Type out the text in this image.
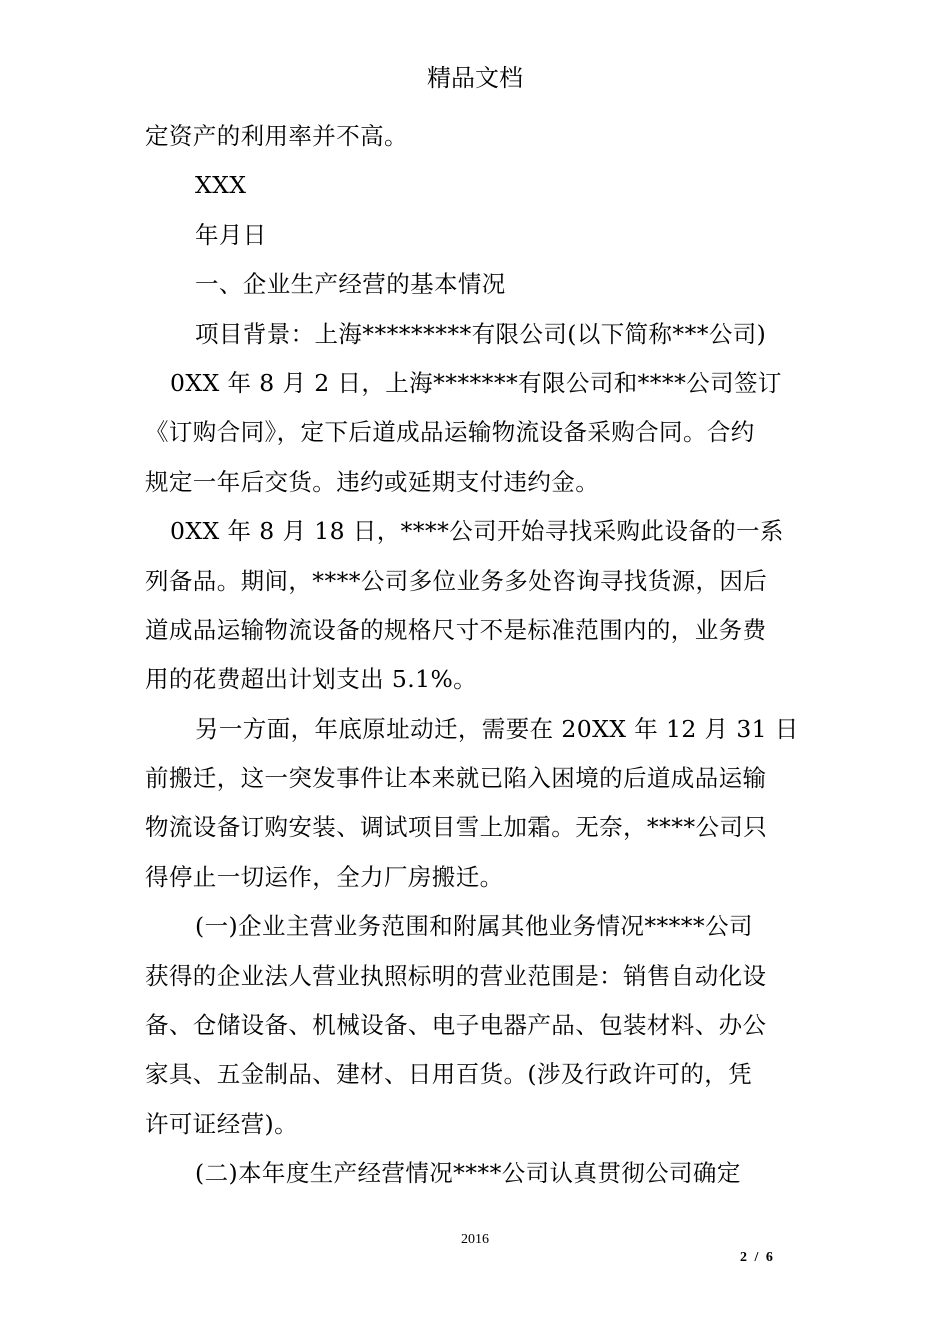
精品文档
定资产的利用率并不高。
XXX
年月日
一、企业生产经营的基本情况
项目背景：上海*********有限公司(以下简称***公司)
0XX 年 8 月 2 日，上海*******有限公司和****公司签订
《订购合同》，定下后道成品运输物流设备采购合同。合约
规定一年后交货。违约或延期支付违约金。
0XX 年 8 月 18 日，****公司开始寻找采购此设备的一系
列备品。期间，****公司多位业务多处咨询寻找货源，因后
道成品运输物流设备的规格尺寸不是标准范围内的，业务费
用的花费超出计划支出 5.1%。
另一方面，年底原址动迁，需要在 20XX 年 12 月 31 日
前搬迁，这一突发事件让本来就已陷入困境的后道成品运输
物流设备订购安装、调试项目雪上加霜。无奈，****公司只
得停止一切运作，全力厂房搬迁。
(一)企业主营业务范围和附属其他业务情况*****公司
获得的企业法人营业执照标明的营业范围是：销售自动化设
备、仓储设备、机械设备、电子电器产品、包装材料、办公
家具、五金制品、建材、日用百货。(涉及行政许可的，凭
许可证经营)。
(二)本年度生产经营情况****公司认真贯彻公司确定
2016
2 / 6
